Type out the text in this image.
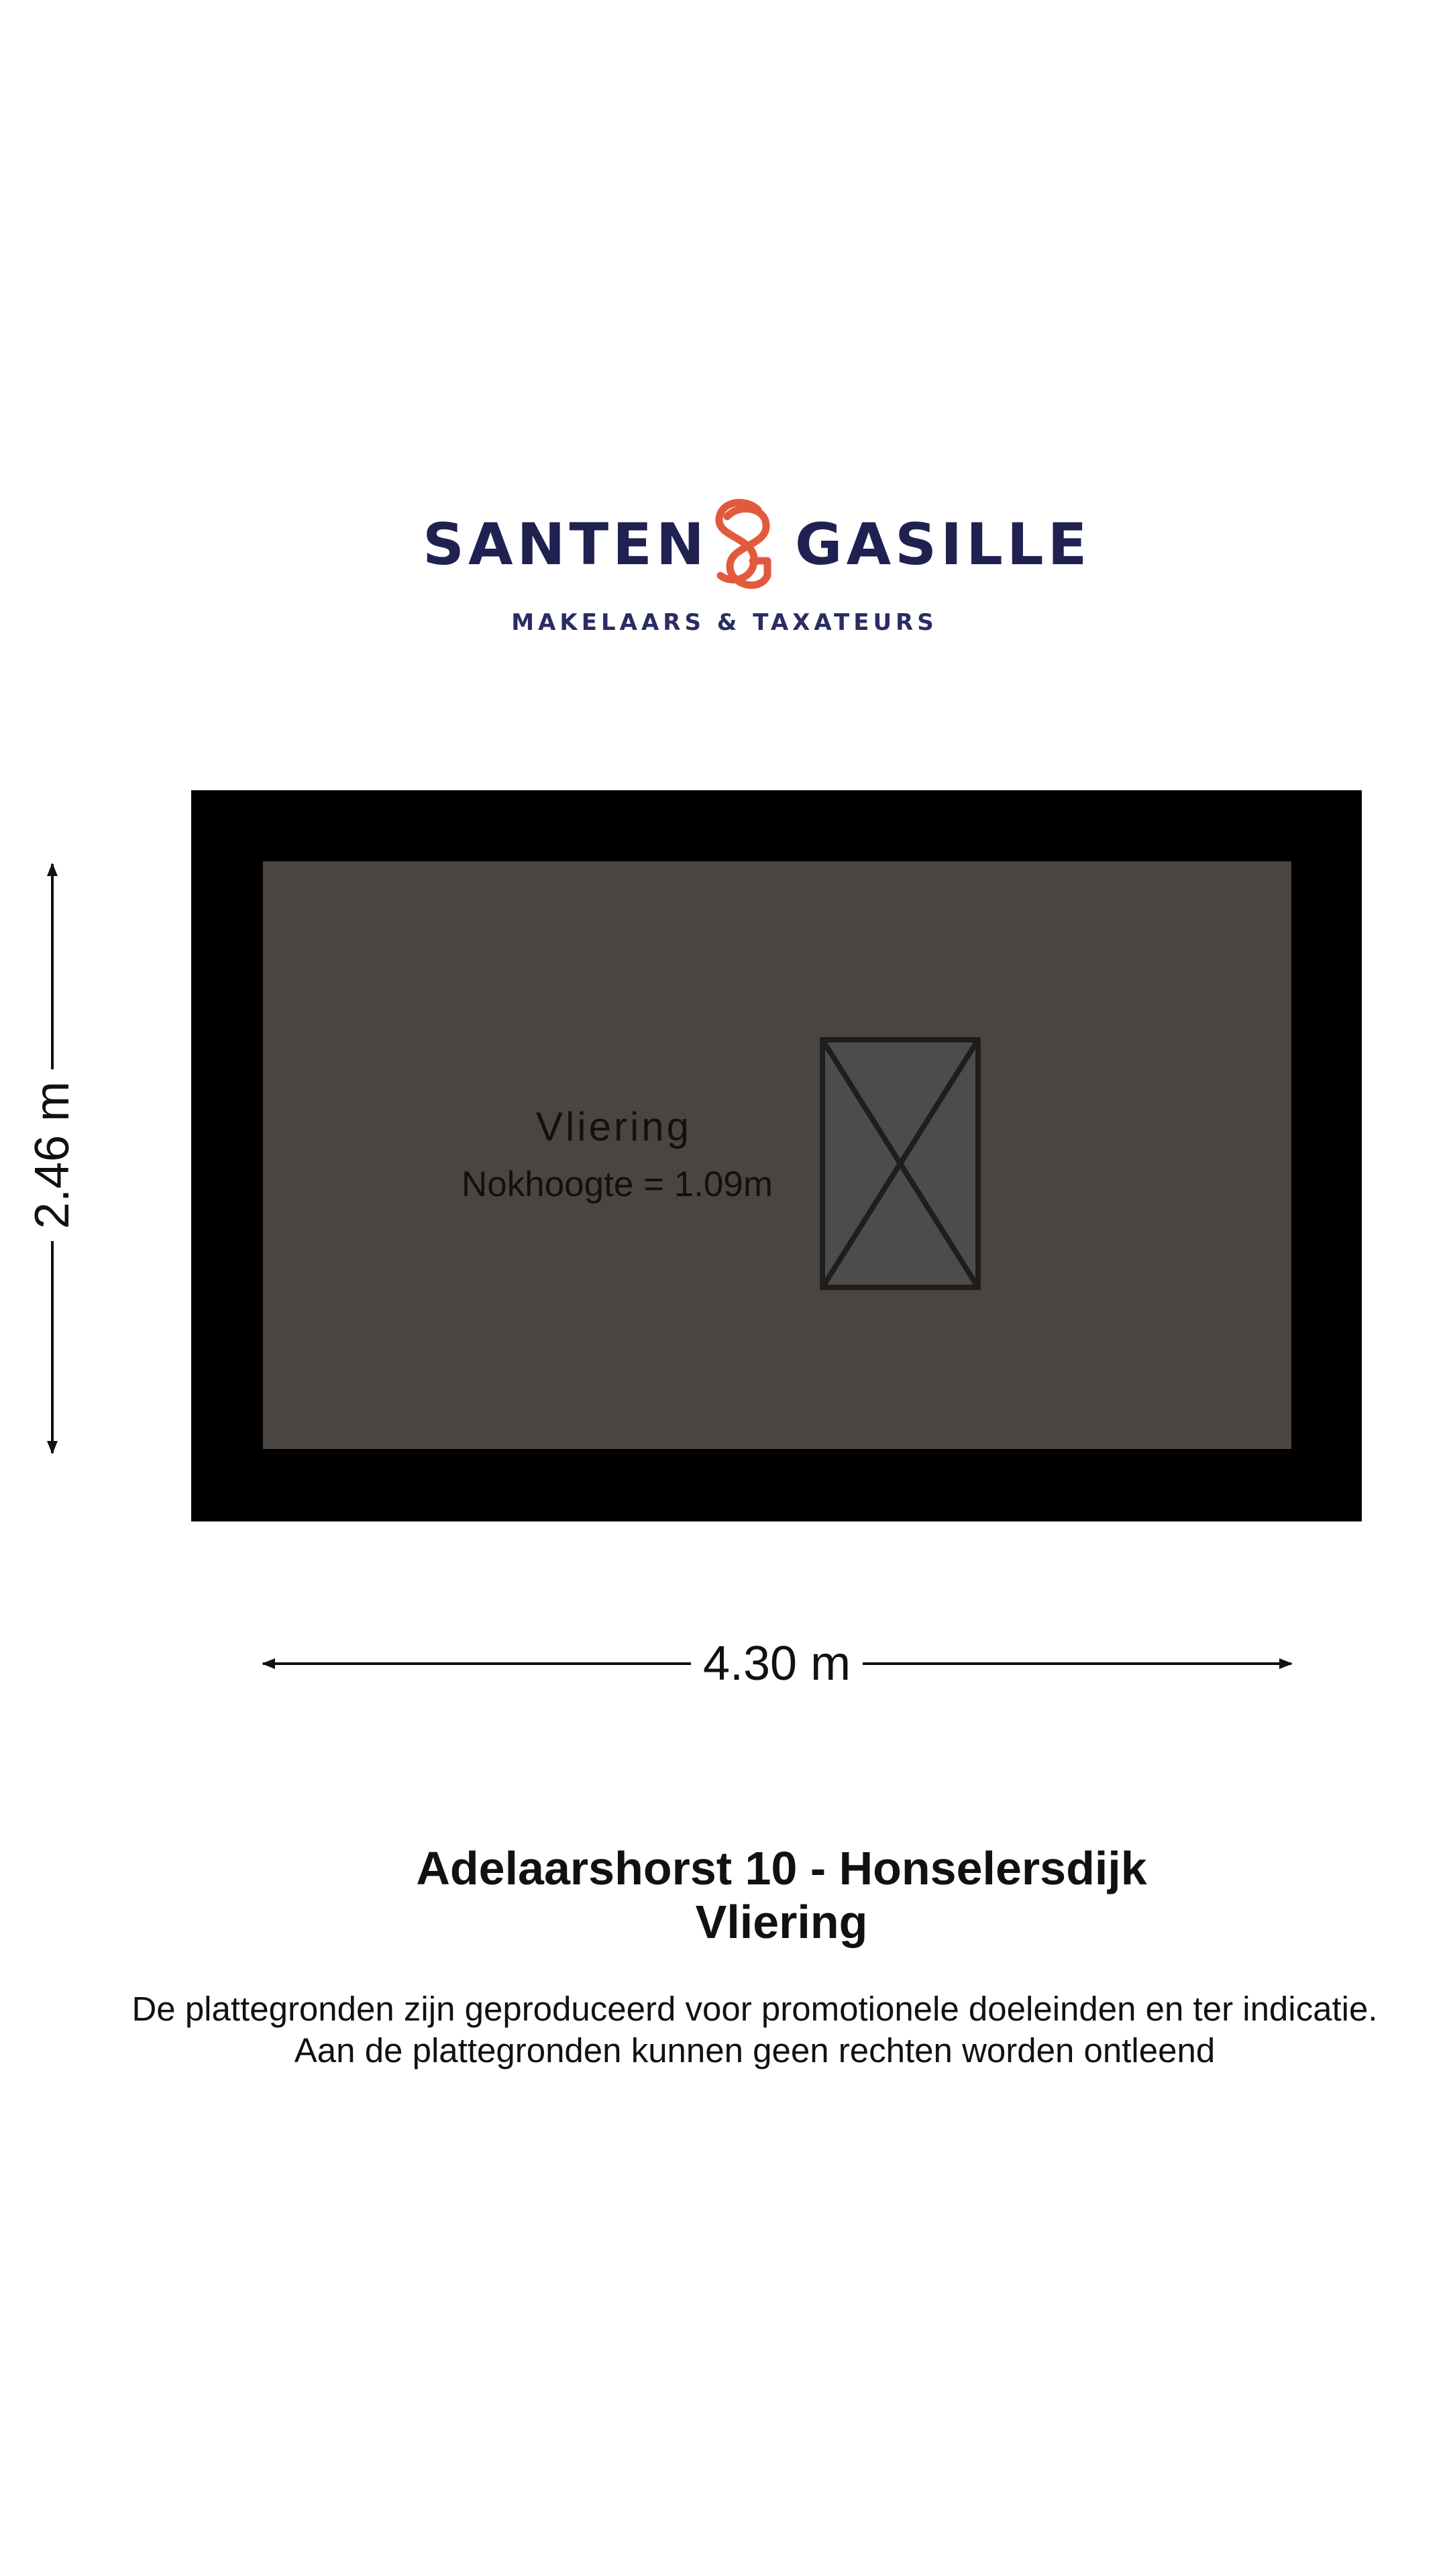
SANTEN GASILLE
MAKELAARS & TAXATEURS
Vliering
Nokhoogte = 1.09m
2.46 m
4.30 m
Adelaarshorst 10 - Honselersdijk
Vliering
De plattegronden zijn geproduceerd voor promotionele doeleinden en ter indicatie.
Aan de plattegronden kunnen geen rechten worden ontleend
